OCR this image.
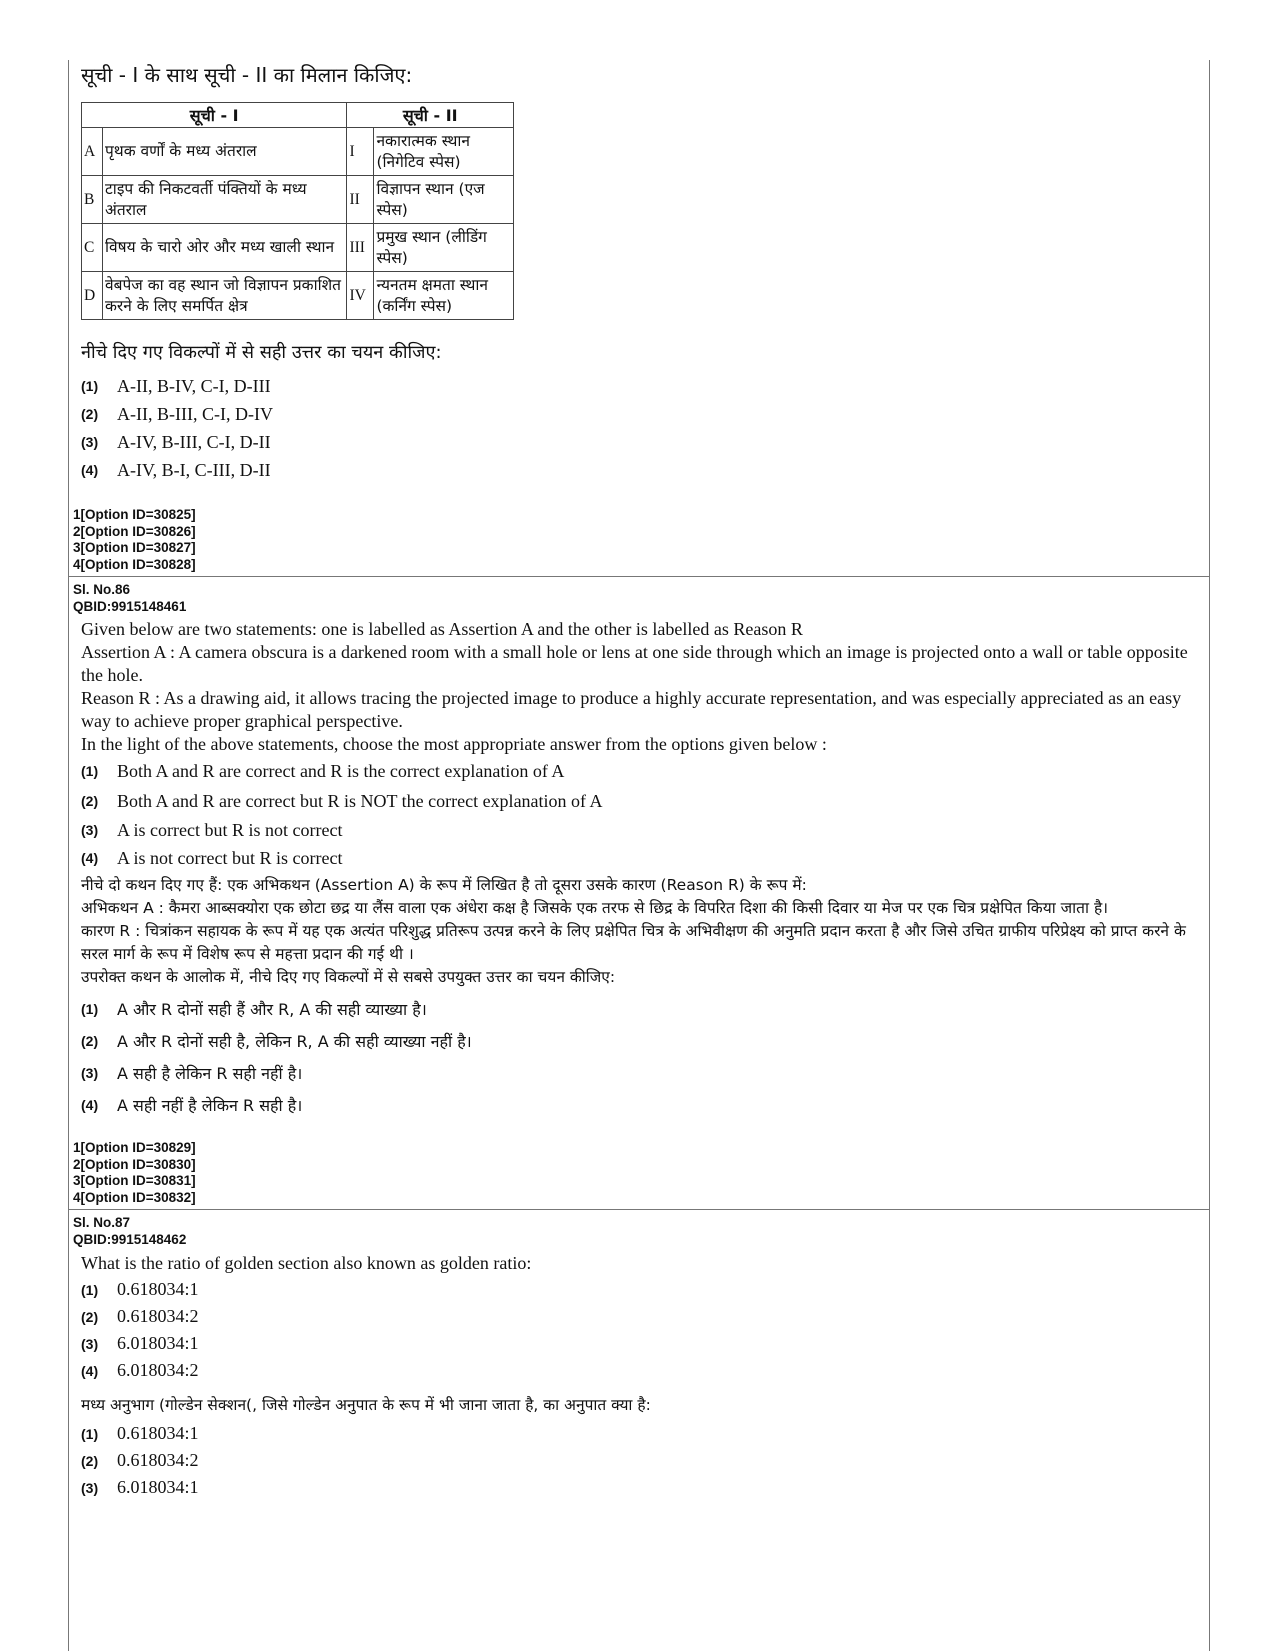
सूची - I के साथ सूची - II का मिलान किजिए:
सूची - I		सूची - II	
A	पृथक वर्णों के मध्य अंतराल	I	नकारात्मक स्थान (निगेटिव स्पेस)
B	टाइप की निकटवर्ती पंक्तियों के मध्य अंतराल	II	विज्ञापन स्थान (एज स्पेस)
C	विषय के चारो ओर और मध्य खाली स्थान	III	प्रमुख स्थान (लीडिंग स्पेस)
D	वेबपेज का वह स्थान जो विज्ञापन प्रकाशित करने के लिए समर्पित क्षेत्र	IV	न्यनतम क्षमता स्थान (कर्निंग स्पेस)
नीचे दिए गए विकल्पों में से सही उत्तर का चयन कीजिए:
(1)	A-II, B-IV, C-I, D-III
(2)	A-II, B-III, C-I, D-IV
(3)	A-IV, B-III, C-I, D-II
(4)	A-IV, B-I, C-III, D-II
1[Option ID=30825]
2[Option ID=30826]
3[Option ID=30827]
4[Option ID=30828]
Sl. No.86
QBID:9915148461
Given below are two statements: one is labelled as Assertion A and the other is labelled as Reason R
Assertion A : A camera obscura is a darkened room with a small hole or lens at one side through which an image is projected onto a wall or table opposite the hole.
Reason R : As a drawing aid, it allows tracing the projected image to produce a highly accurate representation, and was especially appreciated as an easy way to achieve proper graphical perspective.
In the light of the above statements, choose the most appropriate answer from the options given below :
(1)	Both A and R are correct and R is the correct explanation of A
(2)	Both A and R are correct but R is NOT the correct explanation of A
(3)	A is correct but R is not correct
(4)	A is not correct but R is correct
नीचे दो कथन दिए गए हैं: एक अभिकथन (Assertion A) के रूप में लिखित है तो दूसरा उसके कारण (Reason R) के रूप में:
अभिकथन A : कैमरा आब्सक्योरा एक छोटा छद्र या लैंस वाला एक अंधेरा कक्ष है जिसके एक तरफ से छिद्र के विपरित दिशा की किसी दिवार या मेज पर एक चित्र प्रक्षेपित किया जाता है।
कारण R : चित्रांकन सहायक के रूप में यह एक अत्यंत परिशुद्ध प्रतिरूप उत्पन्न करने के लिए प्रक्षेपित चित्र के अभिवीक्षण की अनुमति प्रदान करता है और जिसे उचित ग्राफीय परिप्रेक्ष्य को प्राप्त करने के सरल मार्ग के रूप में विशेष रूप से महत्ता प्रदान की गई थी ।
उपरोक्त कथन के आलोक में, नीचे दिए गए विकल्पों में से सबसे उपयुक्त उत्तर का चयन कीजिए:
(1)	A और R दोनों सही हैं और R, A की सही व्याख्या है।
(2)	A और R दोनों सही है, लेकिन R, A की सही व्याख्या नहीं है।
(3)	A सही है लेकिन R सही नहीं है।
(4)	A सही नहीं है लेकिन R सही है।
1[Option ID=30829]
2[Option ID=30830]
3[Option ID=30831]
4[Option ID=30832]
Sl. No.87
QBID:9915148462
What is the ratio of golden section also known as golden ratio:
(1)	0.618034:1
(2)	0.618034:2
(3)	6.018034:1
(4)	6.018034:2
मध्य अनुभाग (गोल्डेन सेक्शन(, जिसे गोल्डेन अनुपात के रूप में भी जाना जाता है, का अनुपात क्या है:
(1)	0.618034:1
(2)	0.618034:2
(3)	6.018034:1
